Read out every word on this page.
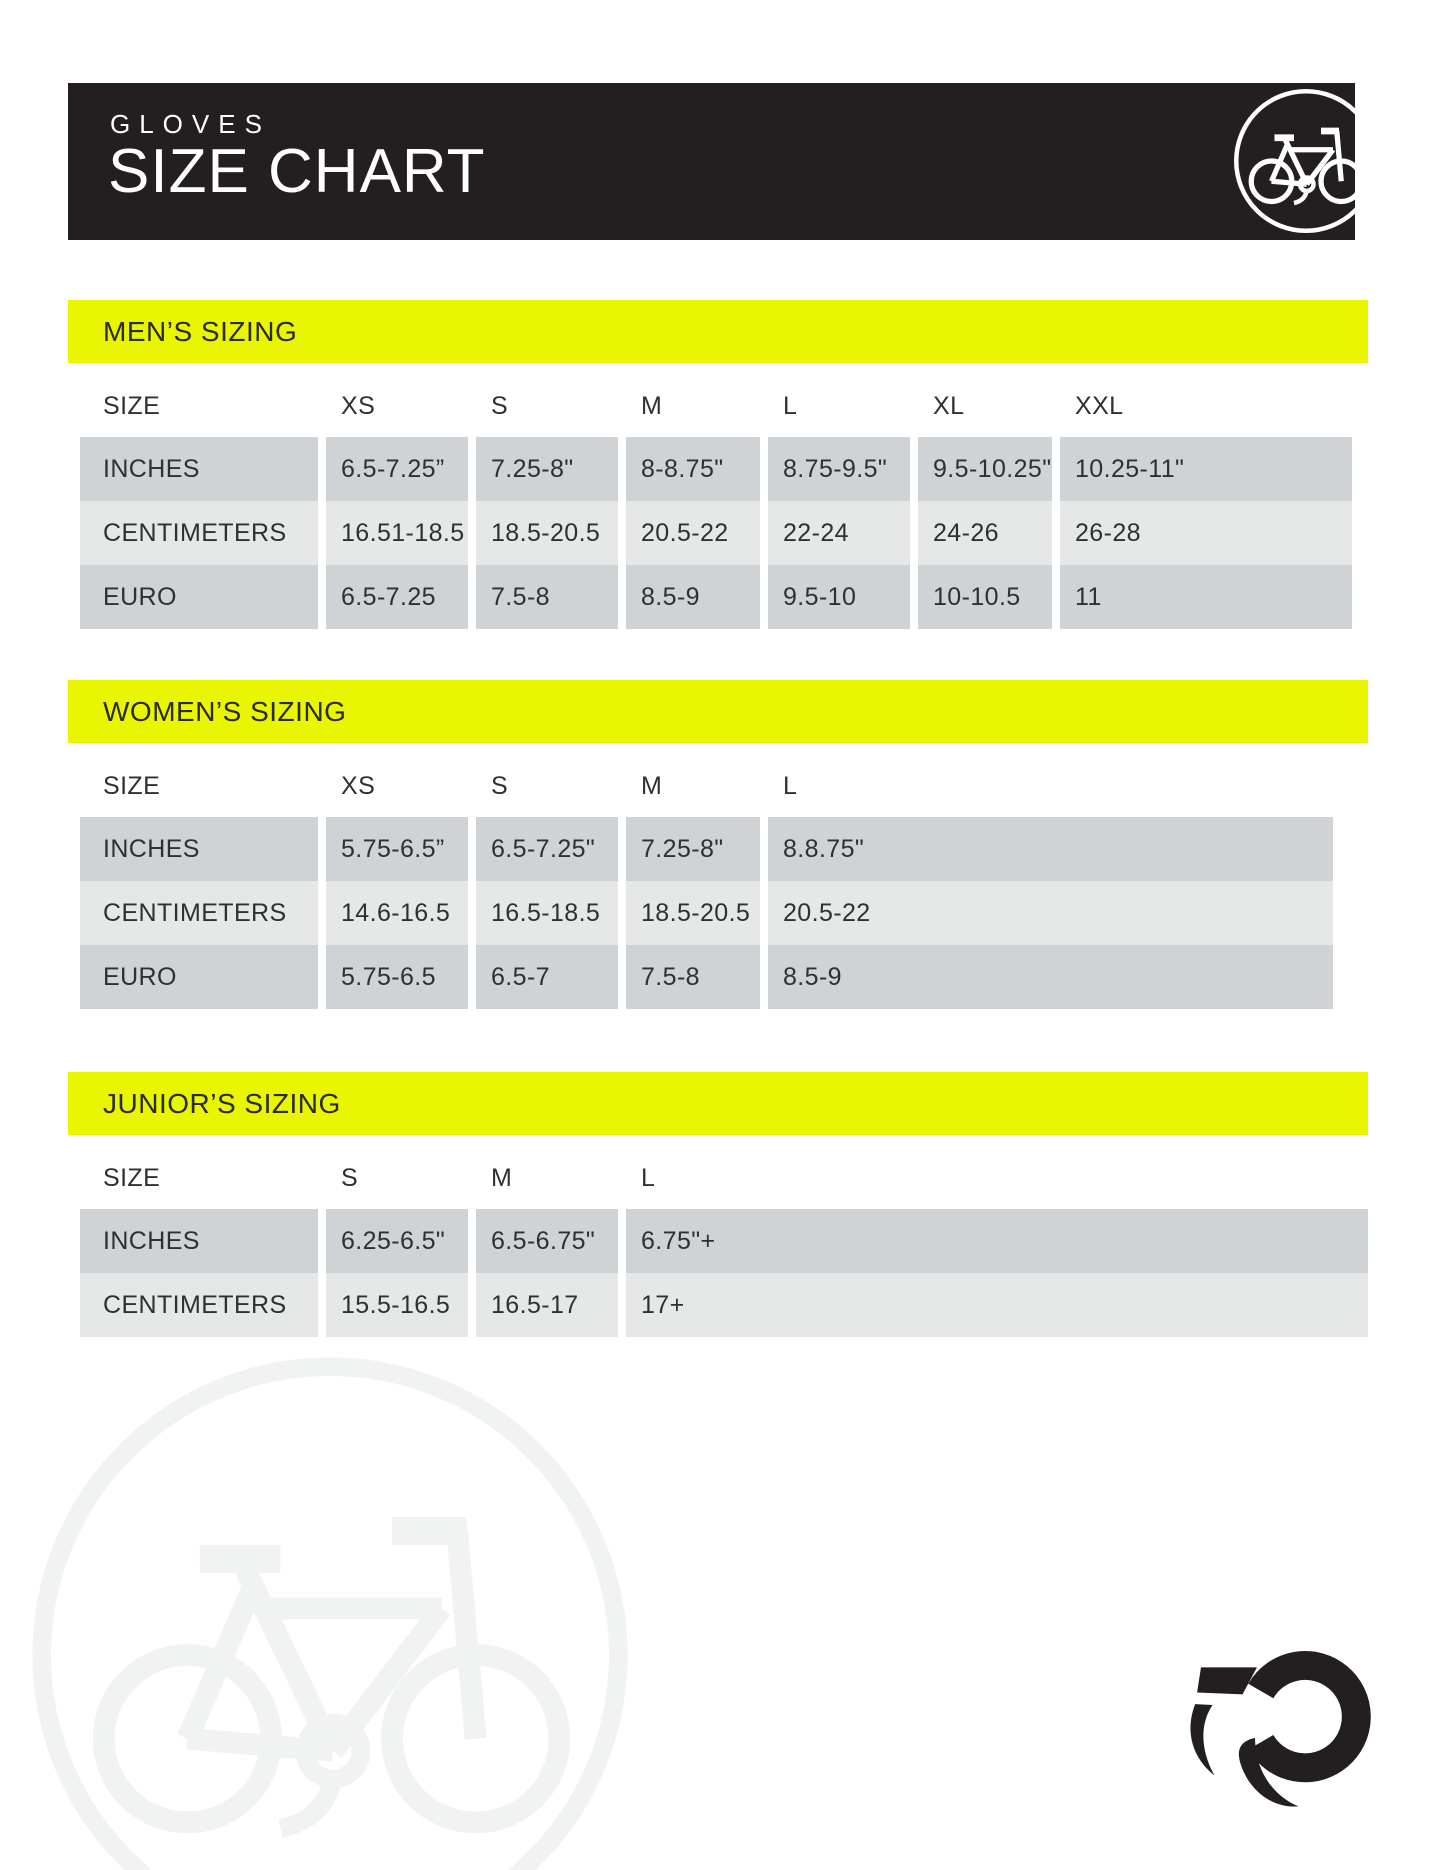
GLOVES
SIZE CHART
MEN’S SIZING
SIZE	XS	S	M	L	XL	XXL
INCHES	6.5-7.25”	7.25-8"	8-8.75"	8.75-9.5"	9.5-10.25" 10.25-11"
CENTIMETERS	16.51-18.5	18.5-20.5	20.5-22	22-24	24-26	26-28
EURO	6.5-7.25	7.5-8	8.5-9	9.5-10	10-10.5	11
WOMEN’S SIZING
SIZE	XS	S	M	L
INCHES	5.75-6.5”	6.5-7.25"	7.25-8"	8.8.75"
CENTIMETERS	14.6-16.5	16.5-18.5	18.5-20.5	20.5-22
EURO	5.75-6.5	6.5-7	7.5-8	8.5-9
JUNIOR’S SIZING
SIZE	S	M	L
INCHES	6.25-6.5"	6.5-6.75"	6.75"+
CENTIMETERS	15.5-16.5	16.5-17	17+
